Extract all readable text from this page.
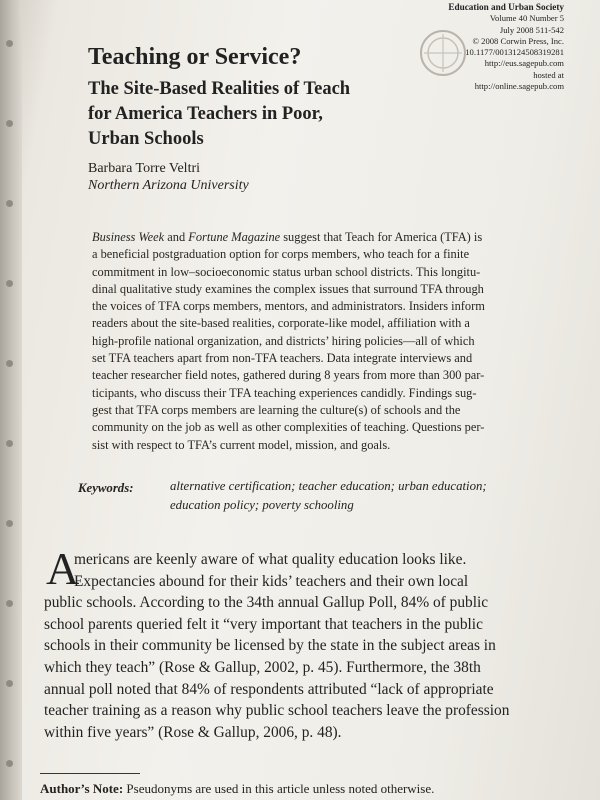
Education and Urban Society
Volume 40 Number 5
July 2008 511-542
© 2008 Corwin Press, Inc.
10.1177/0013124508319281
http://eus.sagepub.com
hosted at
http://online.sagepub.com
Teaching or Service?
The Site-Based Realities of Teach
for America Teachers in Poor,
Urban Schools

Barbara Torre Veltri

Northern Arizona University

Business Week and Fortune Magazine suggest that Teach for America (TFA) is
a beneficial postgraduation option for corps members, who teach for a finite
commitment in low–socioeconomic status urban school districts. This longitu-
dinal qualitative study examines the complex issues that surround TFA through
the voices of TFA corps members, mentors, and administrators. Insiders inform
readers about the site-based realities, corporate-like model, affiliation with a
high-profile national organization, and districts’ hiring policies—all of which
set TFA teachers apart from non-TFA teachers. Data integrate interviews and
teacher researcher field notes, gathered during 8 years from more than 300 par-
ticipants, who discuss their TFA teaching experiences candidly. Findings sug-
gest that TFA corps members are learning the culture(s) of schools and the
community on the job as well as other complexities of teaching. Questions per-
sist with respect to TFA’s current model, mission, and goals.

Keywords:	alternative certification; teacher education; urban education;
education policy; poverty schooling
A
mericans are keenly aware of what quality education looks like.
Expectancies abound for their kids’ teachers and their own local
public schools. According to the 34th annual Gallup Poll, 84% of public
school parents queried felt it “very important that teachers in the public
schools in their community be licensed by the state in the subject areas in
which they teach” (Rose & Gallup, 2002, p. 45). Furthermore, the 38th
annual poll noted that 84% of respondents attributed “lack of appropriate
teacher training as a reason why public school teachers leave the profession
within five years” (Rose & Gallup, 2006, p. 48).

Author’s Note: Pseudonyms are used in this article unless noted otherwise.
